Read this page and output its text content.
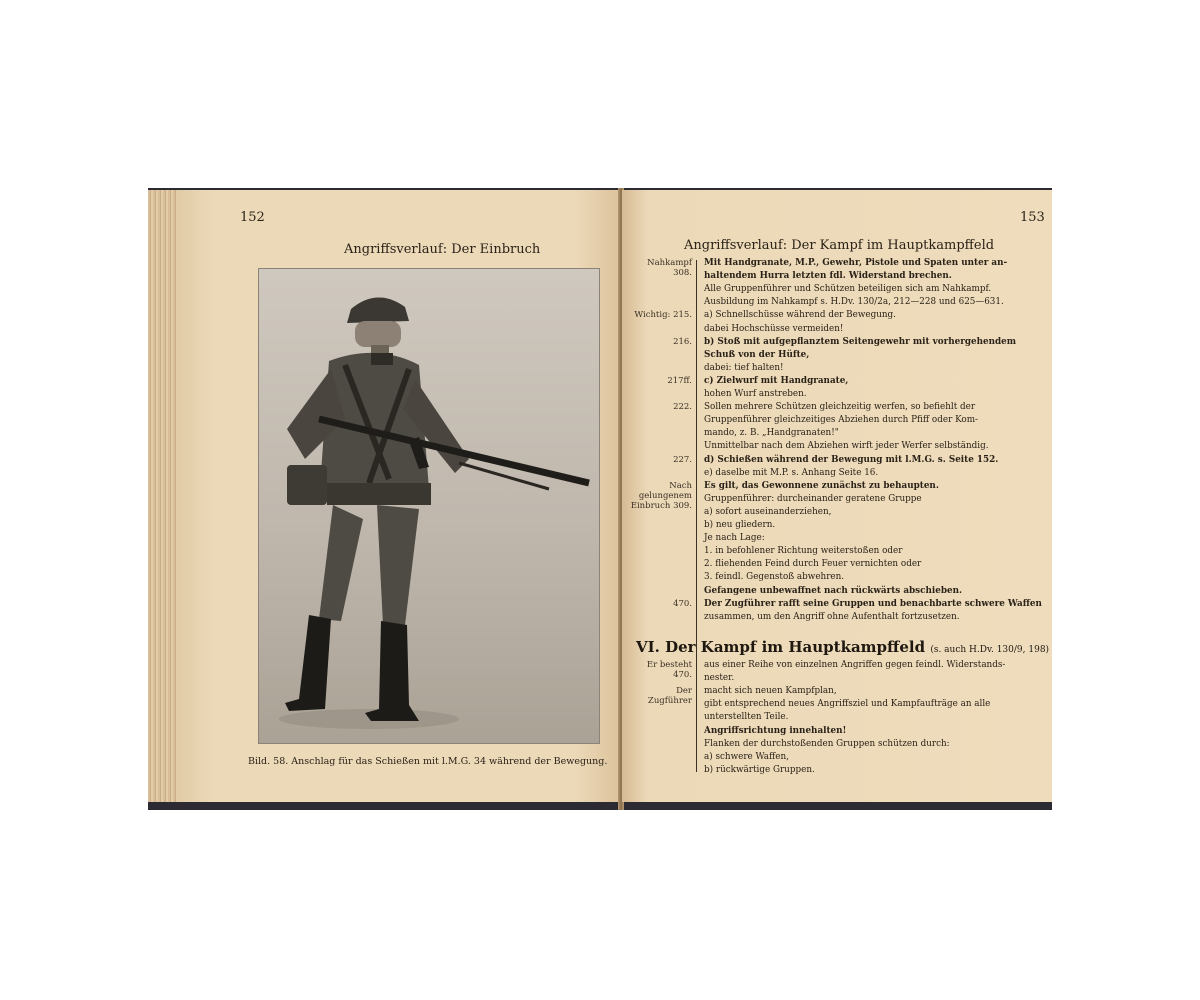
152
Angriffsverlauf: Der Einbruch
Bild. 58. Anschlag für das Schießen mit l.M.G. 34 während der Bewegung.
153
Angriffsverlauf: Der Kampf im Hauptkampffeld
Nahkampf 308.
Mit Handgranate, M.P., Gewehr, Pistole und Spaten unter an-
haltendem Hurra letzten fdl. Widerstand brechen.
Alle Gruppenführer und Schützen beteiligen sich am Nahkampf.
Ausbildung im Nahkampf s. H.Dv. 130/2a, 212—228 und 625—631.
Wichtig: 215. a) Schnellschüsse während der Bewegung.
dabei Hochschüsse vermeiden!
216. b) Stoß mit aufgepflanztem Seitengewehr mit vorhergehendem
Schuß von der Hüfte,
dabei: tief halten!
217ff. c) Zielwurf mit Handgranate,
hohen Wurf anstreben.
222. Sollen mehrere Schützen gleichzeitig werfen, so befiehlt der
Gruppenführer gleichzeitiges Abziehen durch Pfiff oder Kom-
mando, z. B. „Handgranaten!"
Unmittelbar nach dem Abziehen wirft jeder Werfer selbständig.
227. d) Schießen während der Bewegung mit l.M.G. s. Seite 152.
e) daselbe mit M.P. s. Anhang Seite 16.
Nach gelungenem Einbruch 309.
Es gilt, das Gewonnene zunächst zu behaupten.
Gruppenführer: durcheinander geratene Gruppe
a) sofort auseinanderziehen,
b) neu gliedern.
Je nach Lage:
1. in befohlener Richtung weiterstoßen oder
2. fliehenden Feind durch Feuer vernichten oder
3. feindl. Gegenstoß abwehren.
Gefangene unbewaffnet nach rückwärts abschieben.
470. Der Zugführer rafft seine Gruppen und benachbarte schwere Waffen
zusammen, um den Angriff ohne Aufenthalt fortzusetzen.
VI. Der Kampf im Hauptkampffeld (s. auch H.Dv. 130/9, 198)
Er besteht 470.
aus einer Reihe von einzelnen Angriffen gegen feindl. Widerstands-
nester.
Der Zugführer
macht sich neuen Kampfplan,
gibt entsprechend neues Angriffsziel und Kampfaufträge an alle
unterstellten Teile.
Angriffsrichtung innehalten!
Flanken der durchstoßenden Gruppen schützen durch:
a) schwere Waffen,
b) rückwärtige Gruppen.
